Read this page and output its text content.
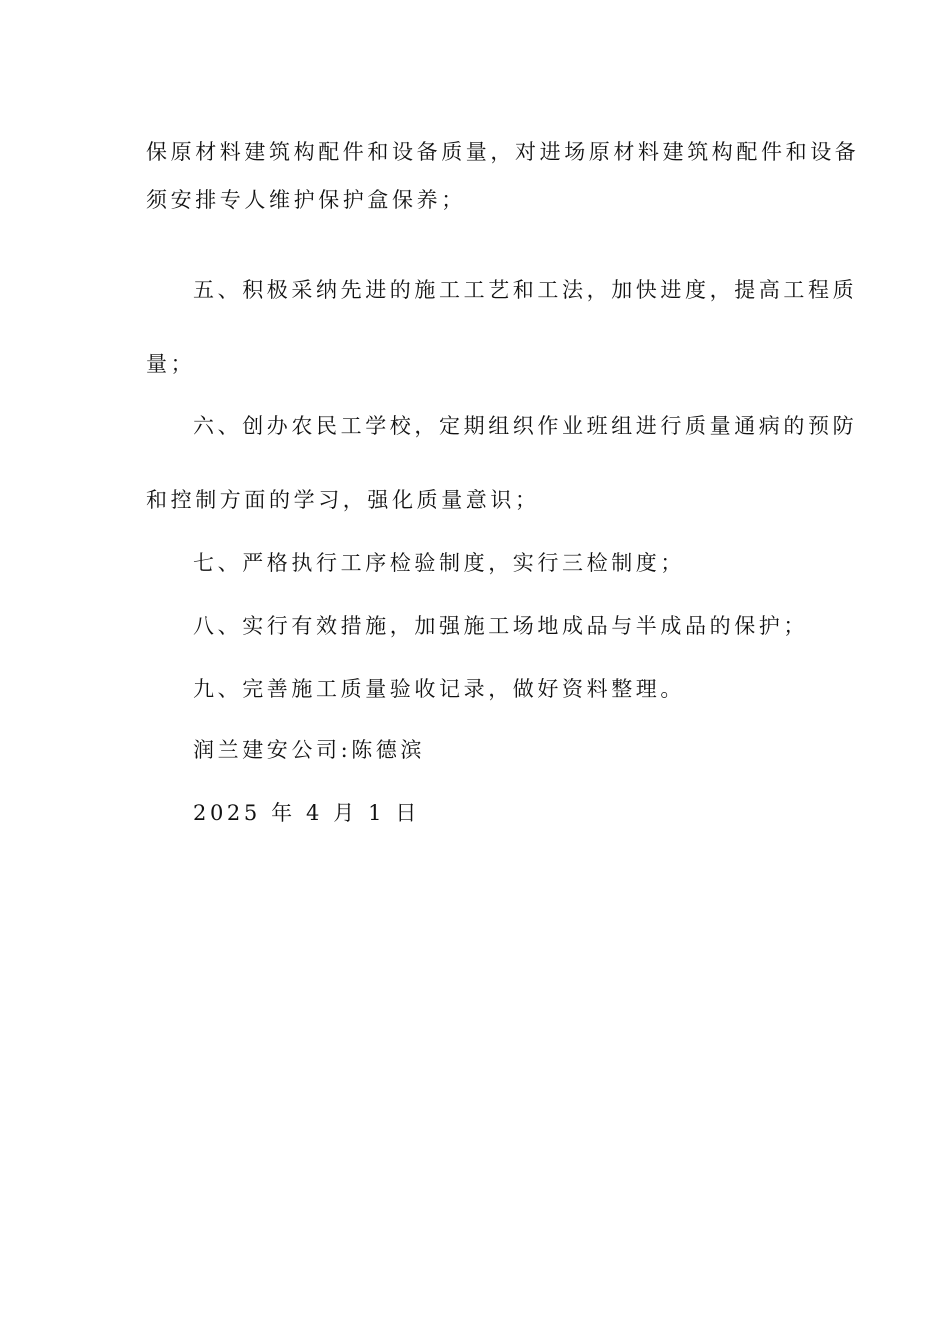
保原材料建筑构配件和设备质量，对进场原材料建筑构配件和设备
须安排专人维护保护盒保养；
五、积极采纳先进的施工工艺和工法，加快进度，提高工程质
量；
六、创办农民工学校，定期组织作业班组进行质量通病的预防
和控制方面的学习，强化质量意识；
七、严格执行工序检验制度，实行三检制度；
八、实行有效措施，加强施工场地成品与半成品的保护；
九、完善施工质量验收记录，做好资料整理。
润兰建安公司:陈德滨
2025 年 4 月 1 日
